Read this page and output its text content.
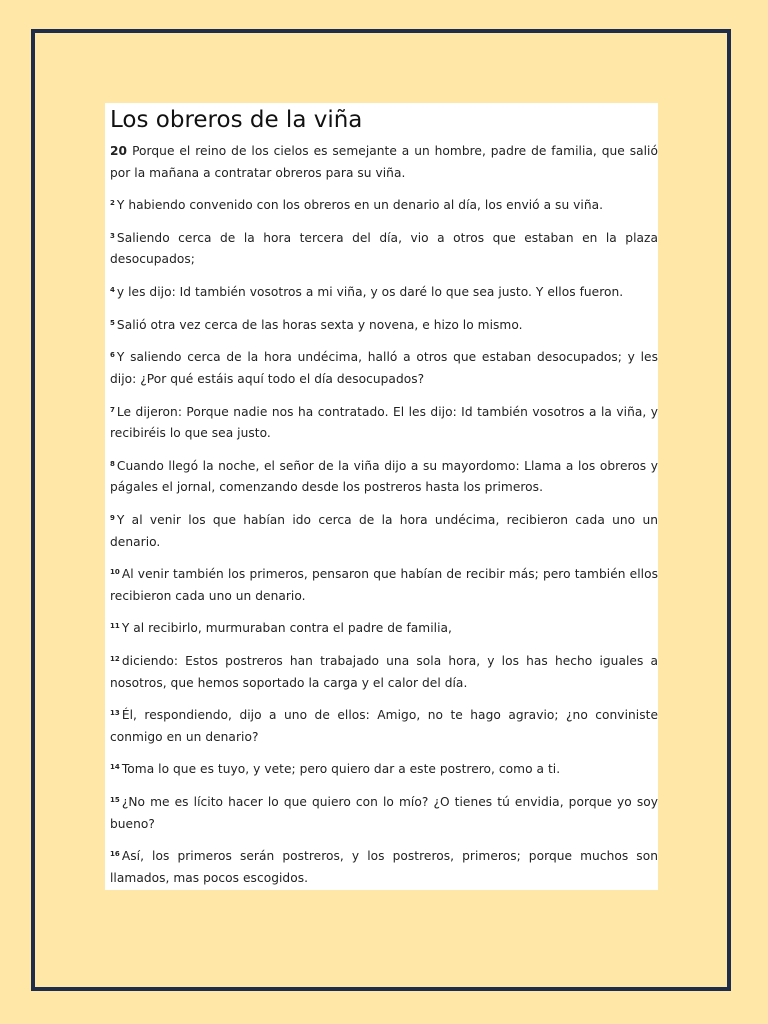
Los obreros de la viña

20 Porque el reino de los cielos es semejante a un hombre, padre de familia, que salió por la mañana a contratar obreros para su viña.

$^2$ Y habiendo convenido con los obreros en un denario al día, los envió a su viña.

$^3$ Saliendo cerca de la hora tercera del día, vio a otros que estaban en la plaza desocupados;

$^4$ y les dijo: Id también vosotros a mi viña, y os daré lo que sea justo. Y ellos fueron.

$^5$ Salió otra vez cerca de las horas sexta y novena, e hizo lo mismo.

$^6$ Y saliendo cerca de la hora undécima, halló a otros que estaban desocupados; y les dijo: ¿Por qué estáis aquí todo el día desocupados?

$^7$ Le dijeron: Porque nadie nos ha contratado. El les dijo: Id también vosotros a la viña, y recibiréis lo que sea justo.

$^8$ Cuando llegó la noche, el señor de la viña dijo a su mayordomo: Llama a los obreros y págales el jornal, comenzando desde los postreros hasta los primeros.

$^9$ Y al venir los que habían ido cerca de la hora undécima, recibieron cada uno un denario.

$^{10}$ Al venir también los primeros, pensaron que habían de recibir más; pero también ellos recibieron cada uno un denario.

$^{11}$ Y al recibirlo, murmuraban contra el padre de familia,

$^{12}$ diciendo: Estos postreros han trabajado una sola hora, y los has hecho iguales a nosotros, que hemos soportado la carga y el calor del día.

$^{13}$ Él, respondiendo, dijo a uno de ellos: Amigo, no te hago agravio; ¿no conviniste conmigo en un denario?

$^{14}$ Toma lo que es tuyo, y vete; pero quiero dar a este postrero, como a ti.

$^{15}$ ¿No me es lícito hacer lo que quiero con lo mío? ¿O tienes tú envidia, porque yo soy bueno?

$^{16}$ Así, los primeros serán postreros, y los postreros, primeros; porque muchos son llamados, mas pocos escogidos.
